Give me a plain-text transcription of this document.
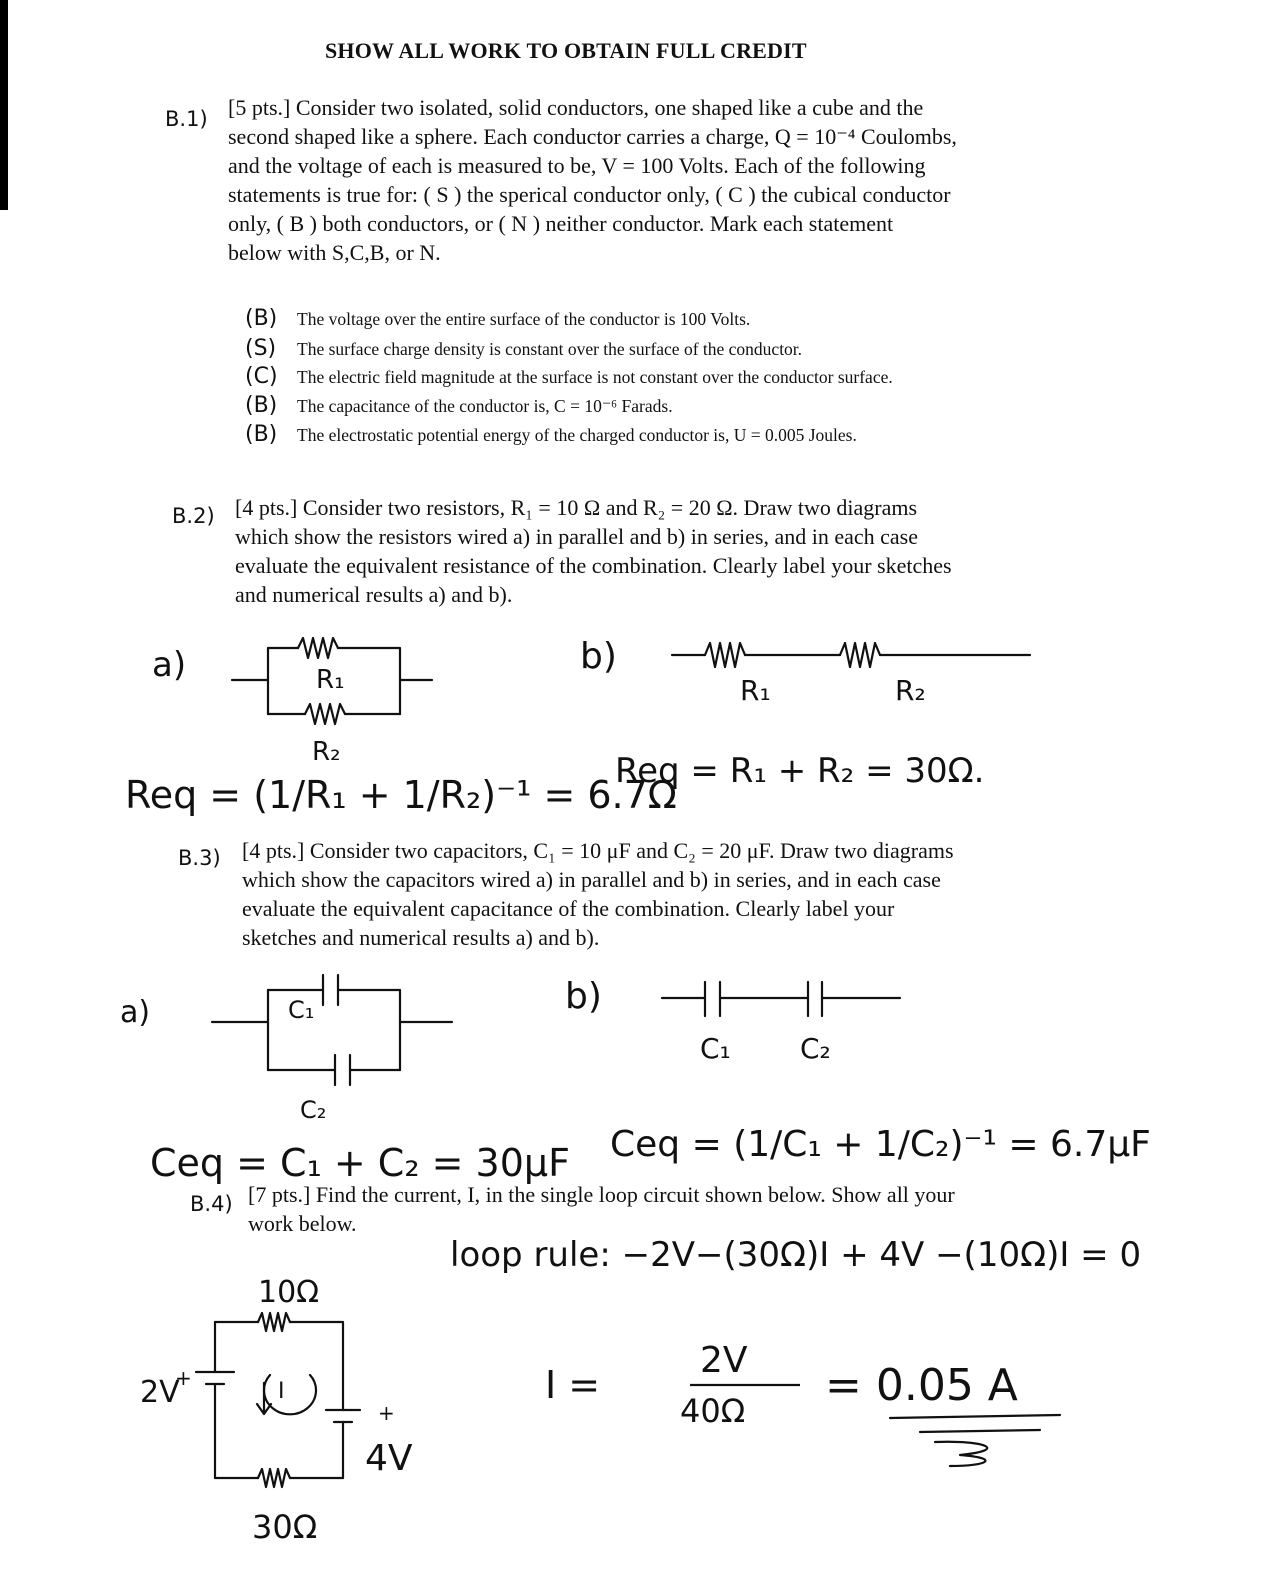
SHOW ALL WORK TO OBTAIN FULL CREDIT
B.1) [5 pts.] Consider two isolated, solid conductors, one shaped like a cube and the
second shaped like a sphere. Each conductor carries a charge, Q = 10⁻⁴ Coulombs,
and the voltage of each is measured to be, V = 100 Volts. Each of the following
statements is true for: ( S ) the sperical conductor only, ( C ) the cubical conductor
only, ( B ) both conductors, or ( N ) neither conductor. Mark each statement
below with S,C,B, or N.
(B) The voltage over the entire surface of the conductor is 100 Volts.
(S) The surface charge density is constant over the surface of the conductor.
(C) The electric field magnitude at the surface is not constant over the conductor surface.
(B) The capacitance of the conductor is, C = 10⁻⁶ Farads.
(B) The electrostatic potential energy of the charged conductor is, U = 0.005 Joules.
B.2) [4 pts.] Consider two resistors, R₁ = 10 Ω and R₂ = 20 Ω. Draw two diagrams
which show the resistors wired a) in parallel and b) in series, and in each case
evaluate the equivalent resistance of the combination. Clearly label your sketches
and numerical results a) and b).
B.3) [4 pts.] Consider two capacitors, C₁ = 10 μF and C₂ = 20 μF. Draw two diagrams
which show the capacitors wired a) in parallel and b) in series, and in each case
evaluate the equivalent capacitance of the combination. Clearly label your
sketches and numerical results a) and b).
B.4) [7 pts.] Find the current, I, in the single loop circuit shown below. Show all your
work below.
a)	b)
R₁
R₂
R₁	R₂
Req = (1/R₁ + 1/R₂)⁻¹ = 6.7Ω
Req = R₁ + R₂ = 30Ω.
a)	b)
C₁
C₂
C₁ C₂
Ceq = C₁ + C₂ = 30μF Ceq = (1/C₁ + 1/C₂)⁻¹ = 6.7μF
10Ω
30Ω
2V
4V
I
+
+
loop rule: −2V−(30Ω)I + 4V −(10Ω)I = 0
I =
2V
40Ω = 0.05 A
